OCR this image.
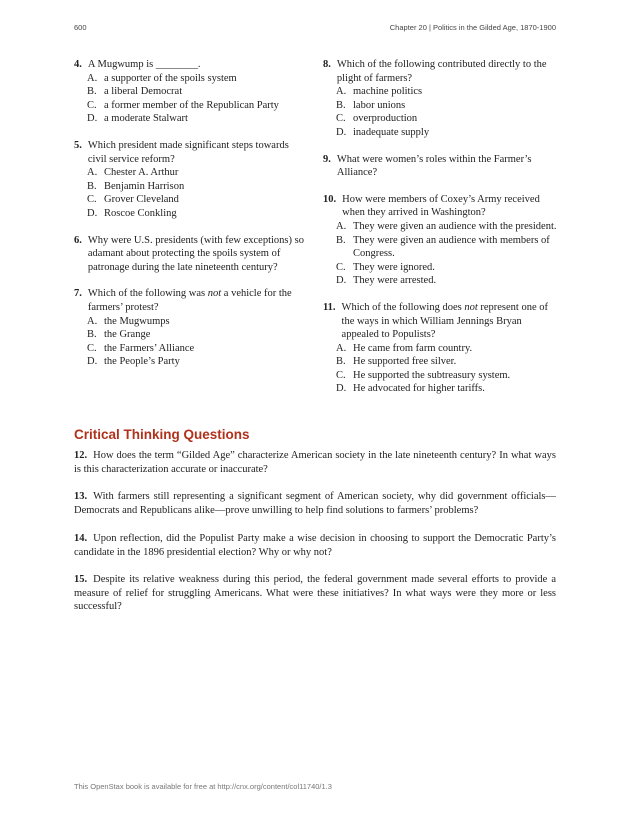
600	Chapter 20 | Politics in the Gilded Age, 1870-1900
4. A Mugwump is ________.
A. a supporter of the spoils system
B. a liberal Democrat
C. a former member of the Republican Party
D. a moderate Stalwart
5. Which president made significant steps towards civil service reform?
A. Chester A. Arthur
B. Benjamin Harrison
C. Grover Cleveland
D. Roscoe Conkling
6. Why were U.S. presidents (with few exceptions) so adamant about protecting the spoils system of patronage during the late nineteenth century?
7. Which of the following was not a vehicle for the farmers’ protest?
A. the Mugwumps
B. the Grange
C. the Farmers’ Alliance
D. the People’s Party
8. Which of the following contributed directly to the plight of farmers?
A. machine politics
B. labor unions
C. overproduction
D. inadequate supply
9. What were women’s roles within the Farmer’s Alliance?
10. How were members of Coxey’s Army received when they arrived in Washington?
A. They were given an audience with the president.
B. They were given an audience with members of Congress.
C. They were ignored.
D. They were arrested.
11. Which of the following does not represent one of the ways in which William Jennings Bryan appealed to Populists?
A. He came from farm country.
B. He supported free silver.
C. He supported the subtreasury system.
D. He advocated for higher tariffs.
Critical Thinking Questions
12. How does the term “Gilded Age” characterize American society in the late nineteenth century? In what ways is this characterization accurate or inaccurate?
13. With farmers still representing a significant segment of American society, why did government officials—Democrats and Republicans alike—prove unwilling to help find solutions to farmers’ problems?
14. Upon reflection, did the Populist Party make a wise decision in choosing to support the Democratic Party’s candidate in the 1896 presidential election? Why or why not?
15. Despite its relative weakness during this period, the federal government made several efforts to provide a measure of relief for struggling Americans. What were these initiatives? In what ways were they more or less successful?
This OpenStax book is available for free at http://cnx.org/content/col11740/1.3
